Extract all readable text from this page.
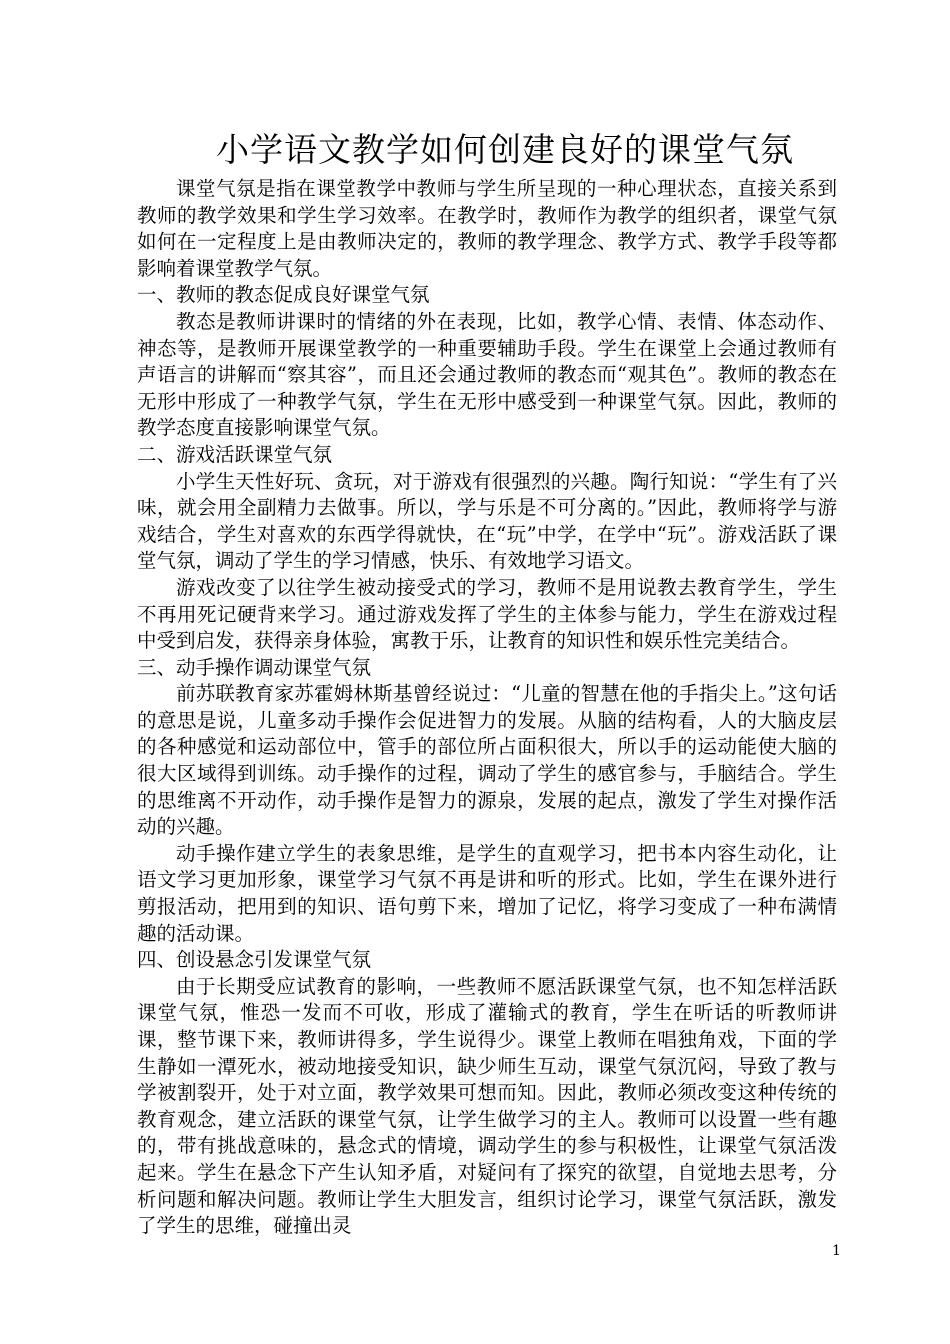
小学语文教学如何创建良好的课堂气氛

课堂气氛是指在课堂教学中教师与学生所呈现的一种心理状态，直接关系到教师的教学效果和学生学习效率。在教学时，教师作为教学的组织者，课堂气氛如何在一定程度上是由教师决定的，教师的教学理念、教学方式、教学手段等都影响着课堂教学气氛。

一、教师的教态促成良好课堂气氛

教态是教师讲课时的情绪的外在表现，比如，教学心情、表情、体态动作、神态等，是教师开展课堂教学的一种重要辅助手段。学生在课堂上会通过教师有声语言的讲解而“察其容”，而且还会通过教师的教态而“观其色”。教师的教态在无形中形成了一种教学气氛，学生在无形中感受到一种课堂气氛。因此，教师的教学态度直接影响课堂气氛。

二、游戏活跃课堂气氛

小学生天性好玩、贪玩，对于游戏有很强烈的兴趣。陶行知说：“学生有了兴味，就会用全副精力去做事。所以，学与乐是不可分离的。”因此，教师将学与游戏结合，学生对喜欢的东西学得就快，在“玩”中学，在学中“玩”。游戏活跃了课堂气氛，调动了学生的学习情感，快乐、有效地学习语文。

游戏改变了以往学生被动接受式的学习，教师不是用说教去教育学生，学生不再用死记硬背来学习。通过游戏发挥了学生的主体参与能力，学生在游戏过程中受到启发，获得亲身体验，寓教于乐，让教育的知识性和娱乐性完美结合。

三、动手操作调动课堂气氛

前苏联教育家苏霍姆林斯基曾经说过：“儿童的智慧在他的手指尖上。”这句话的意思是说，儿童多动手操作会促进智力的发展。从脑的结构看，人的大脑皮层的各种感觉和运动部位中，管手的部位所占面积很大，所以手的运动能使大脑的很大区域得到训练。动手操作的过程，调动了学生的感官参与，手脑结合。学生的思维离不开动作，动手操作是智力的源泉，发展的起点，激发了学生对操作活动的兴趣。

动手操作建立学生的表象思维，是学生的直观学习，把书本内容生动化，让语文学习更加形象，课堂学习气氛不再是讲和听的形式。比如，学生在课外进行剪报活动，把用到的知识、语句剪下来，增加了记忆，将学习变成了一种布满情趣的活动课。

四、创设悬念引发课堂气氛

由于长期受应试教育的影响，一些教师不愿活跃课堂气氛，也不知怎样活跃课堂气氛，惟恐一发而不可收，形成了灌输式的教育，学生在听话的听教师讲课，整节课下来，教师讲得多，学生说得少。课堂上教师在唱独角戏，下面的学生静如一潭死水，被动地接受知识，缺少师生互动，课堂气氛沉闷，导致了教与学被割裂开，处于对立面，教学效果可想而知。因此，教师必须改变这种传统的教育观念，建立活跃的课堂气氛，让学生做学习的主人。教师可以设置一些有趣的，带有挑战意味的，悬念式的情境，调动学生的参与积极性，让课堂气氛活泼起来。学生在悬念下产生认知矛盾，对疑问有了探究的欲望，自觉地去思考，分析问题和解决问题。教师让学生大胆发言，组织讨论学习，课堂气氛活跃，激发了学生的思维，碰撞出灵

1
